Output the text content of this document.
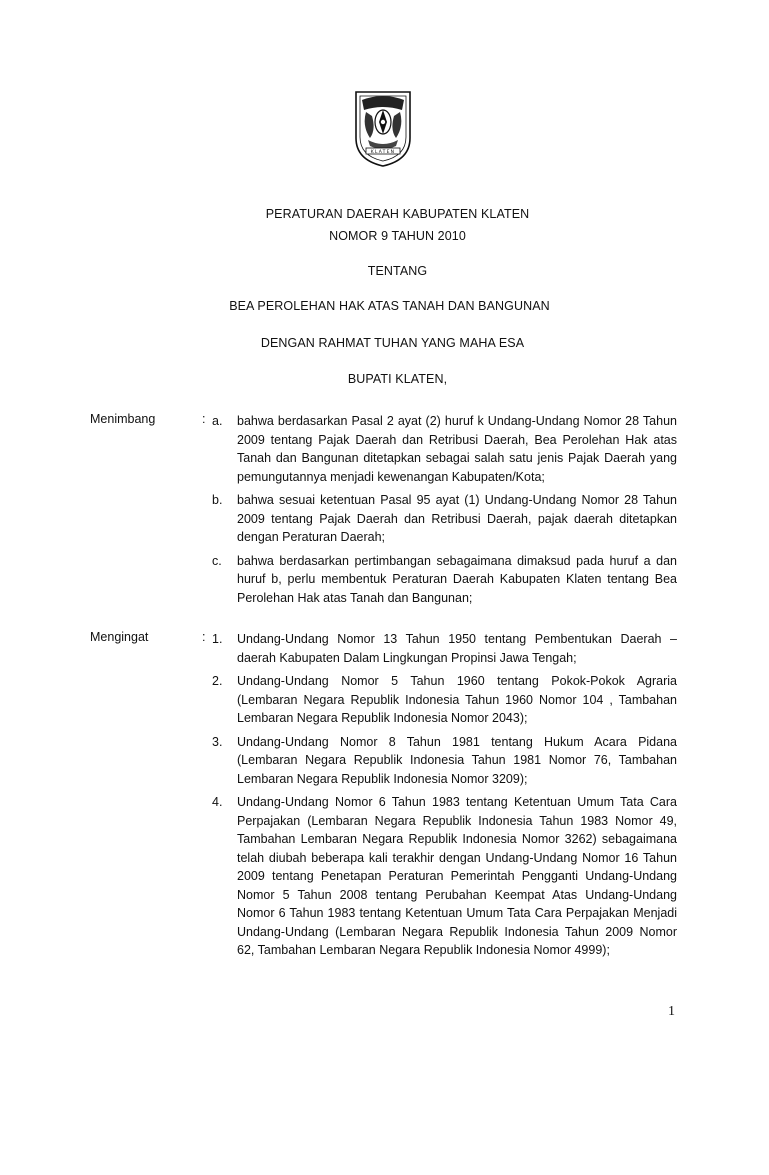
KLATEN
PERATURAN DAERAH KABUPATEN KLATEN
NOMOR 9 TAHUN 2010
TENTANG
BEA PEROLEHAN HAK ATAS TANAH DAN BANGUNAN
DENGAN RAHMAT TUHAN YANG MAHA ESA
BUPATI KLATEN,
Menimbang	: a.	bahwa berdasarkan Pasal 2 ayat (2) huruf k Undang-Undang Nomor 28 Tahun 2009 tentang Pajak Daerah dan Retribusi Daerah, Bea Perolehan Hak atas Tanah dan Bangunan ditetapkan sebagai salah satu jenis Pajak Daerah yang pemungutannya menjadi kewenangan Kabupaten/Kota;
b.	bahwa sesuai ketentuan Pasal 95 ayat (1) Undang-Undang Nomor 28 Tahun 2009 tentang Pajak Daerah dan Retribusi Daerah, pajak daerah ditetapkan dengan Peraturan Daerah;
c.	bahwa berdasarkan pertimbangan sebagaimana dimaksud pada huruf a dan huruf b, perlu membentuk Peraturan Daerah Kabupaten Klaten tentang Bea Perolehan Hak atas Tanah dan Bangunan;
Mengingat	: 1.	Undang-Undang Nomor 13 Tahun 1950 tentang Pembentukan Daerah – daerah Kabupaten Dalam Lingkungan Propinsi Jawa Tengah;
2.	Undang-Undang Nomor 5 Tahun 1960 tentang Pokok-Pokok Agraria (Lembaran Negara Republik Indonesia Tahun 1960 Nomor 104 , Tambahan Lembaran Negara Republik Indonesia Nomor 2043);
3.	Undang-Undang Nomor 8 Tahun 1981 tentang Hukum Acara Pidana (Lembaran Negara Republik Indonesia Tahun 1981 Nomor 76, Tambahan Lembaran Negara Republik Indonesia Nomor 3209);
4.	Undang-Undang Nomor 6 Tahun 1983 tentang Ketentuan Umum Tata Cara Perpajakan (Lembaran Negara Republik Indonesia Tahun 1983 Nomor 49, Tambahan Lembaran Negara Republik Indonesia Nomor 3262) sebagaimana telah diubah beberapa kali terakhir dengan Undang-Undang Nomor 16 Tahun 2009 tentang Penetapan Peraturan Pemerintah Pengganti Undang-Undang Nomor 5 Tahun 2008 tentang Perubahan Keempat Atas Undang-Undang Nomor 6 Tahun 1983 tentang Ketentuan Umum Tata Cara Perpajakan Menjadi Undang-Undang (Lembaran Negara Republik Indonesia Tahun 2009 Nomor 62, Tambahan Lembaran Negara Republik Indonesia Nomor 4999);
1
